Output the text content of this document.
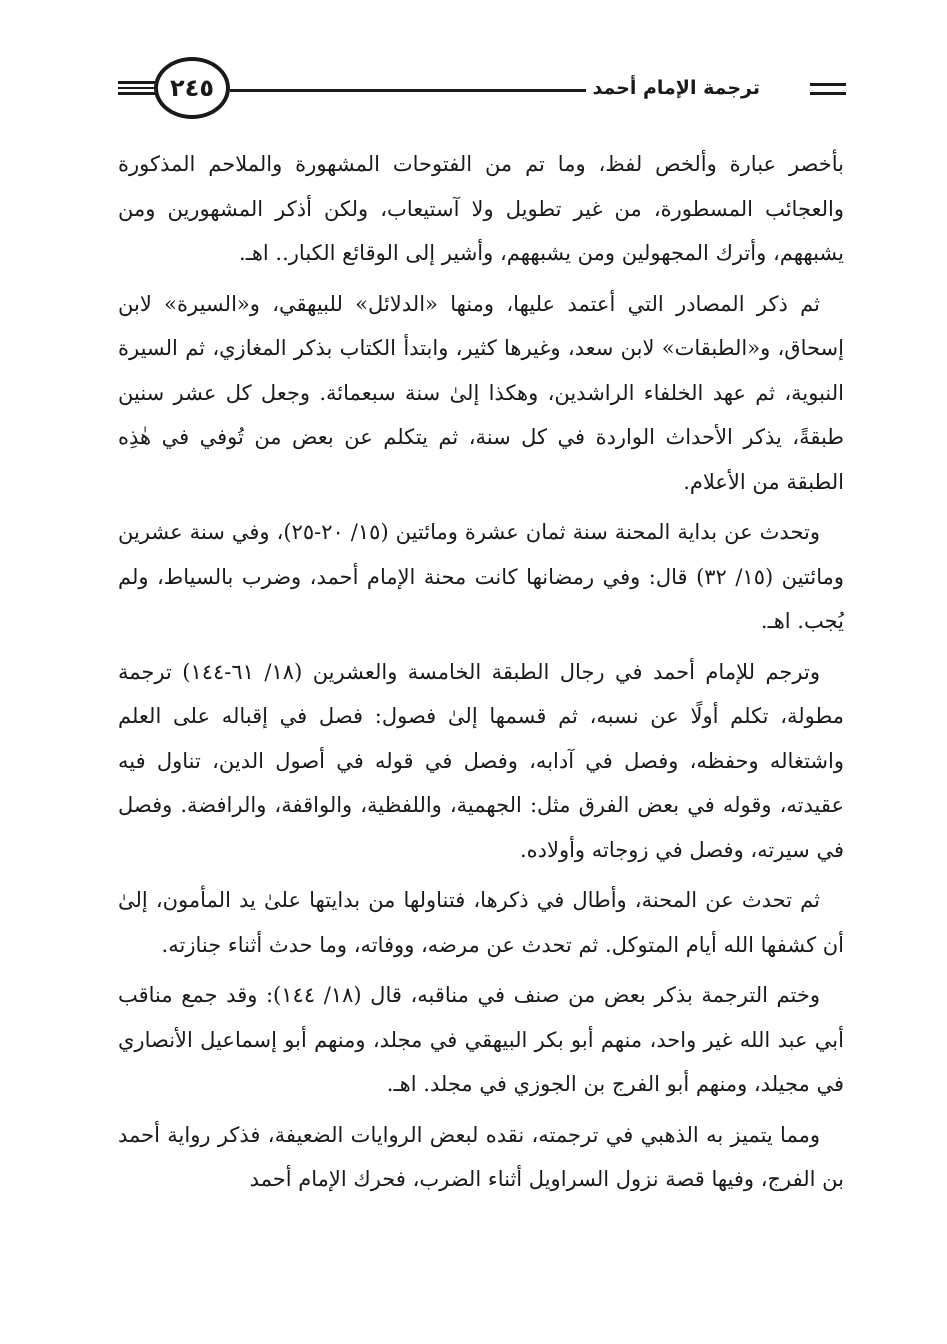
٢٤٥	ترجمة الإمام أحمد

بأخصر عبارة وألخص لفظ، وما تم من الفتوحات المشهورة والملاحم المذكورة والعجائب المسطورة، من غير تطويل ولا آستيعاب، ولكن أذكر المشهورين ومن يشبههم، وأترك المجهولين ومن يشبههم، وأشير إلى الوقائع الكبار.. اهـ.

ثم ذكر المصادر التي أعتمد عليها، ومنها «الدلائل» للبيهقي، و«السيرة» لابن إسحاق، و«الطبقات» لابن سعد، وغيرها كثير، وابتدأ الكتاب بذكر المغازي، ثم السيرة النبوية، ثم عهد الخلفاء الراشدين، وهكذا إلىٰ سنة سبعمائة. وجعل كل عشر سنين طبقةً، يذكر الأحداث الواردة في كل سنة، ثم يتكلم عن بعض من تُوفي في هٰذِه الطبقة من الأعلام.

وتحدث عن بداية المحنة سنة ثمان عشرة ومائتين (١٥/ ٢٠-٢٥)، وفي سنة عشرين ومائتين (١٥/ ٣٢) قال: وفي رمضانها كانت محنة الإمام أحمد، وضرب بالسياط، ولم يُجب. اهـ.

وترجم للإمام أحمد في رجال الطبقة الخامسة والعشرين (١٨/ ٦١-١٤٤) ترجمة مطولة، تكلم أولًا عن نسبه، ثم قسمها إلىٰ فصول: فصل في إقباله على العلم واشتغاله وحفظه، وفصل في آدابه، وفصل في قوله في أصول الدين، تناول فيه عقيدته، وقوله في بعض الفرق مثل: الجهمية، واللفظية، والواقفة، والرافضة. وفصل في سيرته، وفصل في زوجاته وأولاده.

ثم تحدث عن المحنة، وأطال في ذكرها، فتناولها من بدايتها علىٰ يد المأمون، إلىٰ أن كشفها الله أيام المتوكل. ثم تحدث عن مرضه، ووفاته، وما حدث أثناء جنازته.

وختم الترجمة بذكر بعض من صنف في مناقبه، قال (١٨/ ١٤٤): وقد جمع مناقب أبي عبد الله غير واحد، منهم أبو بكر البيهقي في مجلد، ومنهم أبو إسماعيل الأنصاري في مجيلد، ومنهم أبو الفرج بن الجوزي في مجلد. اهـ.

ومما يتميز به الذهبي في ترجمته، نقده لبعض الروايات الضعيفة، فذكر رواية أحمد بن الفرج، وفيها قصة نزول السراويل أثناء الضرب، فحرك الإمام أحمد
